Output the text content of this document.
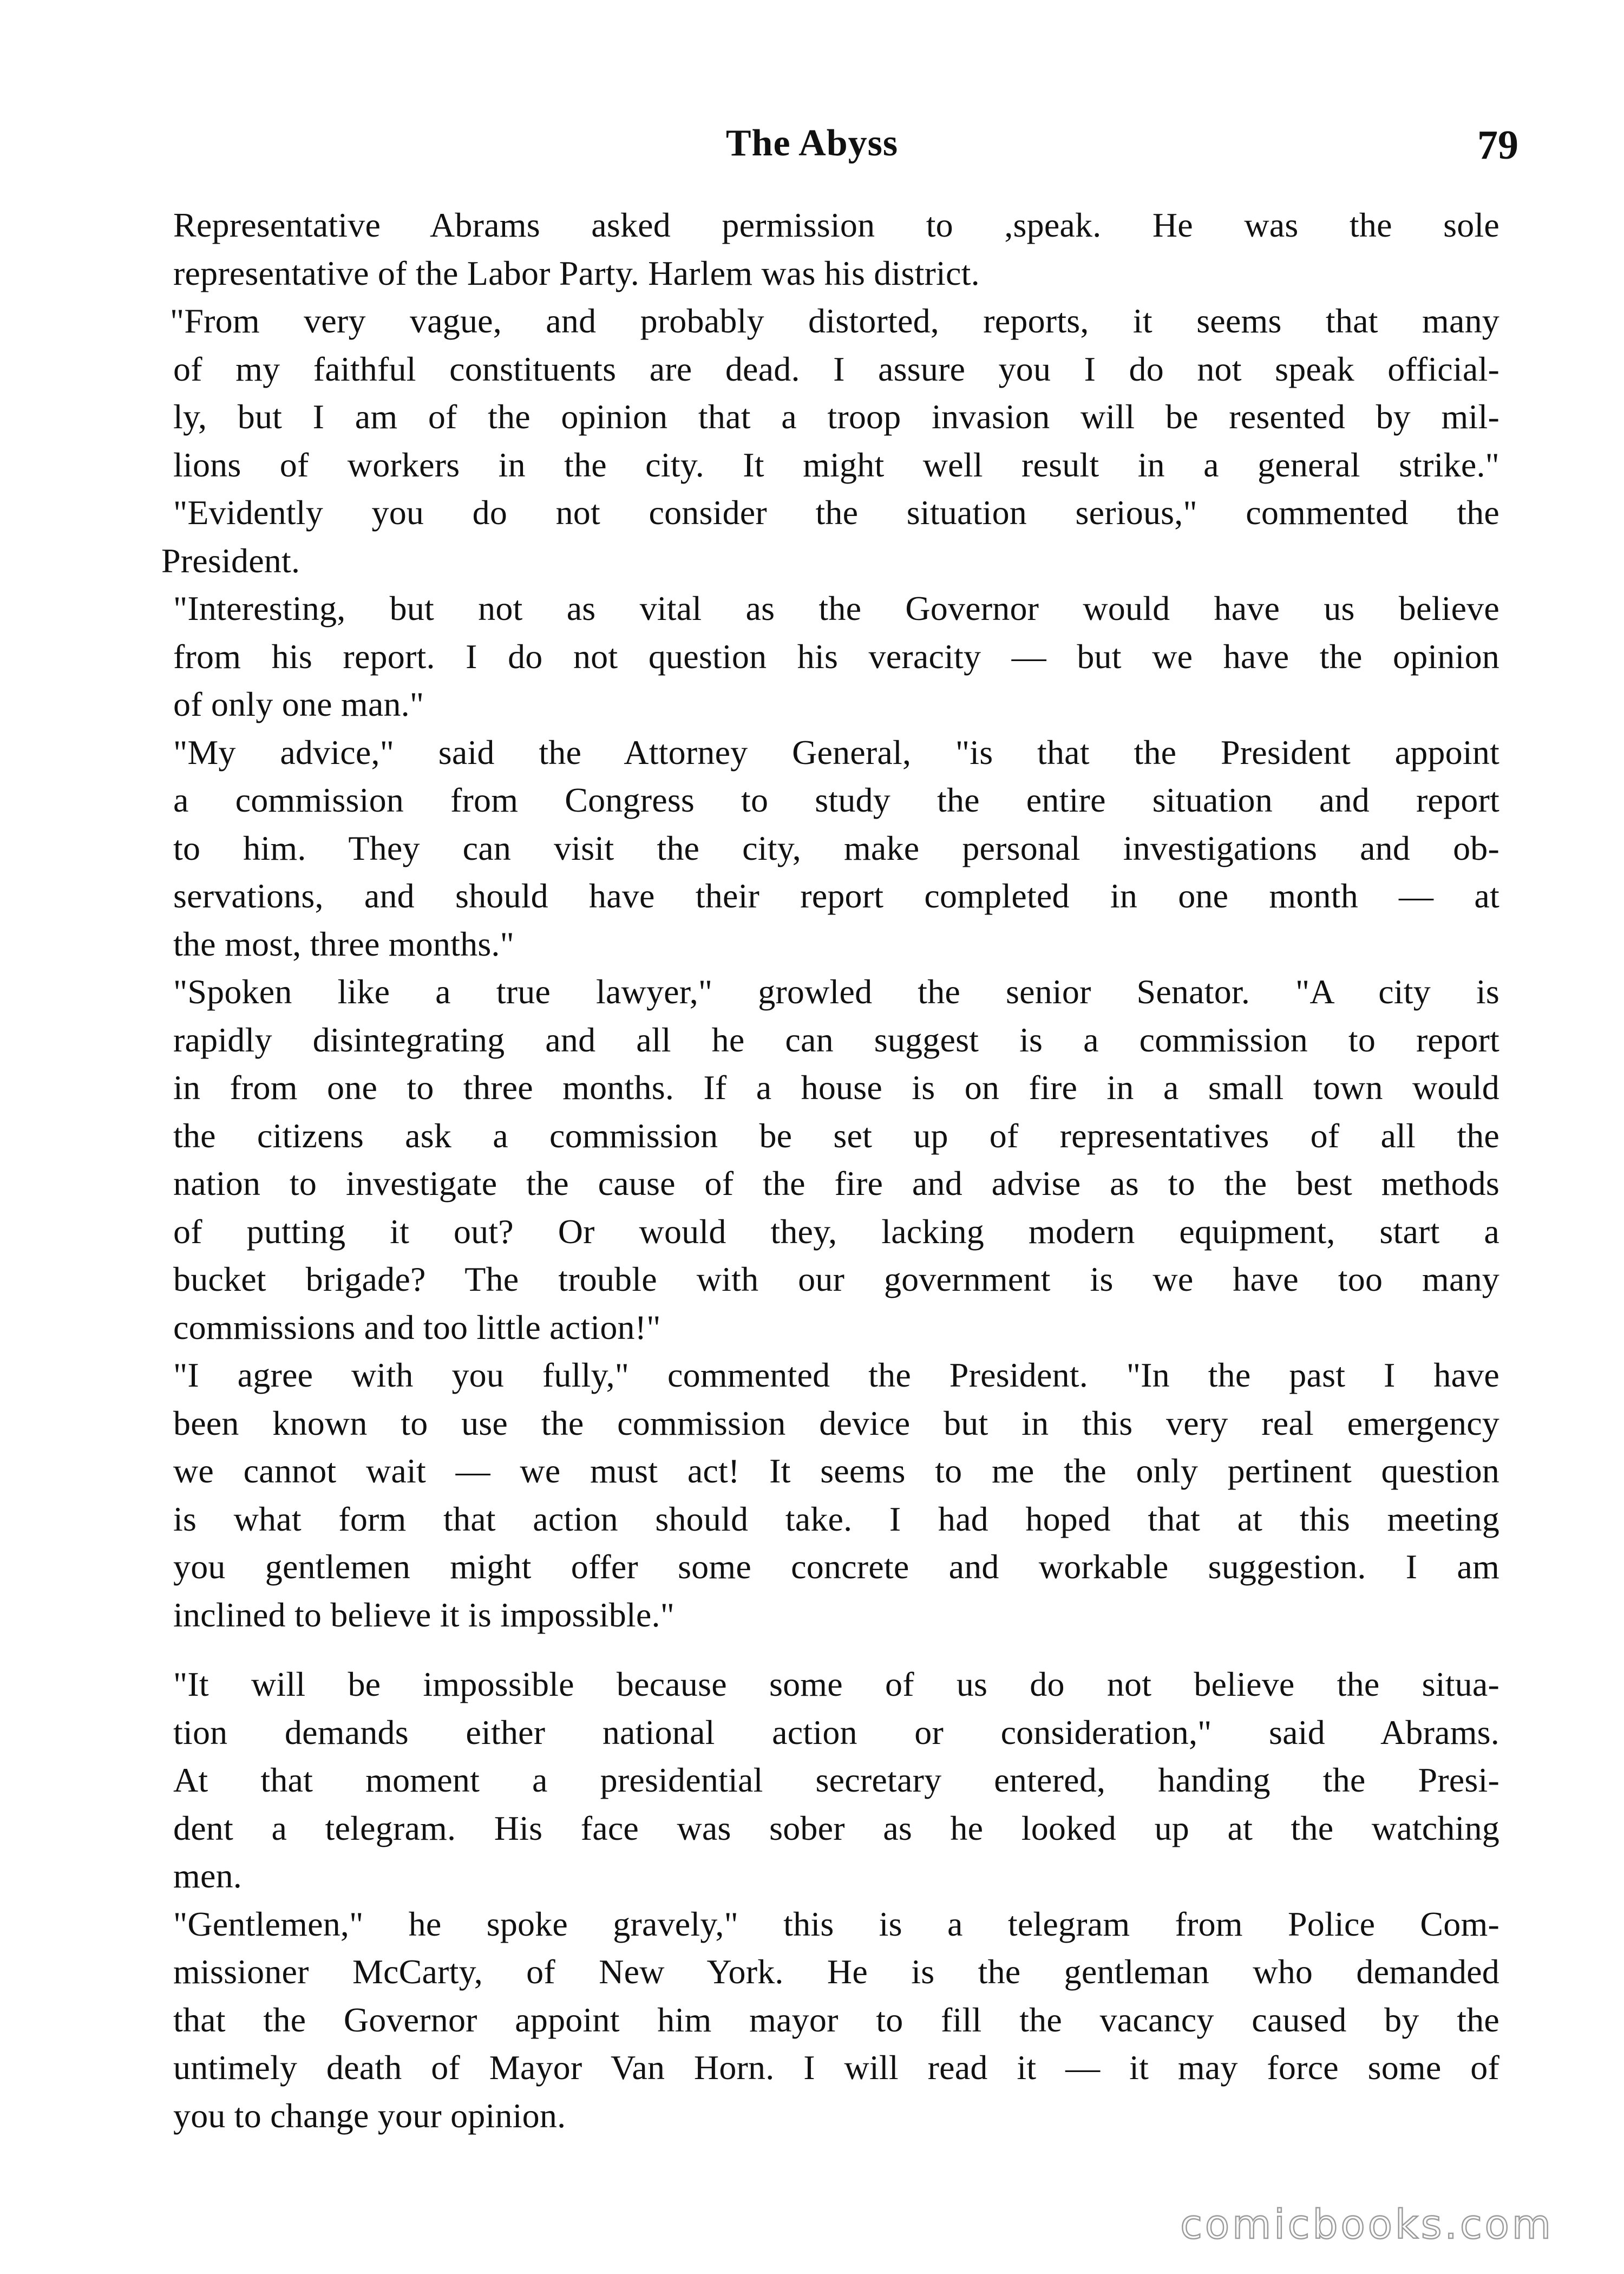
The Abyss	79

Representative Abrams asked permission to ,speak. He was the sole
representative of the Labor Party. Harlem was his district.

"From very vague, and probably distorted, reports, it seems that many
of my faithful constituents are dead. I assure you I do not speak official-
ly, but I am of the opinion that a troop invasion will be resented by mil-
lions of workers in the city. It might well result in a general strike."

"Evidently you do not consider the situation serious," commented the
President.

"Interesting, but not as vital as the Governor would have us believe
from his report. I do not question his veracity — but we have the opinion
of only one man."

"My advice," said the Attorney General, "is that the President appoint
a commission from Congress to study the entire situation and report
to him. They can visit the city, make personal investigations and ob-
servations, and should have their report completed in one month — at
the most, three months."

"Spoken like a true lawyer," growled the senior Senator. "A city is
rapidly disintegrating and all he can suggest is a commission to report
in from one to three months. If a house is on fire in a small town would
the citizens ask a commission be set up of representatives of all the
nation to investigate the cause of the fire and advise as to the best methods
of putting it out? Or would they, lacking modern equipment, start a
bucket brigade? The trouble with our government is we have too many
commissions and too little action!"

"I agree with you fully," commented the President. "In the past I have
been known to use the commission device but in this very real emergency
we cannot wait — we must act! It seems to me the only pertinent question
is what form that action should take. I had hoped that at this meeting
you gentlemen might offer some concrete and workable suggestion. I am
inclined to believe it is impossible."

"It will be impossible because some of us do not believe the situa-
tion demands either national action or consideration," said Abrams.

At that moment a presidential secretary entered, handing the Presi-
dent a telegram. His face was sober as he looked up at the watching
men.

"Gentlemen," he spoke gravely," this is a telegram from Police Com-
missioner McCarty, of New York. He is the gentleman who demanded
that the Governor appoint him mayor to fill the vacancy caused by the
untimely death of Mayor Van Horn. I will read it — it may force some of
you to change your opinion.

comicbooks.com
